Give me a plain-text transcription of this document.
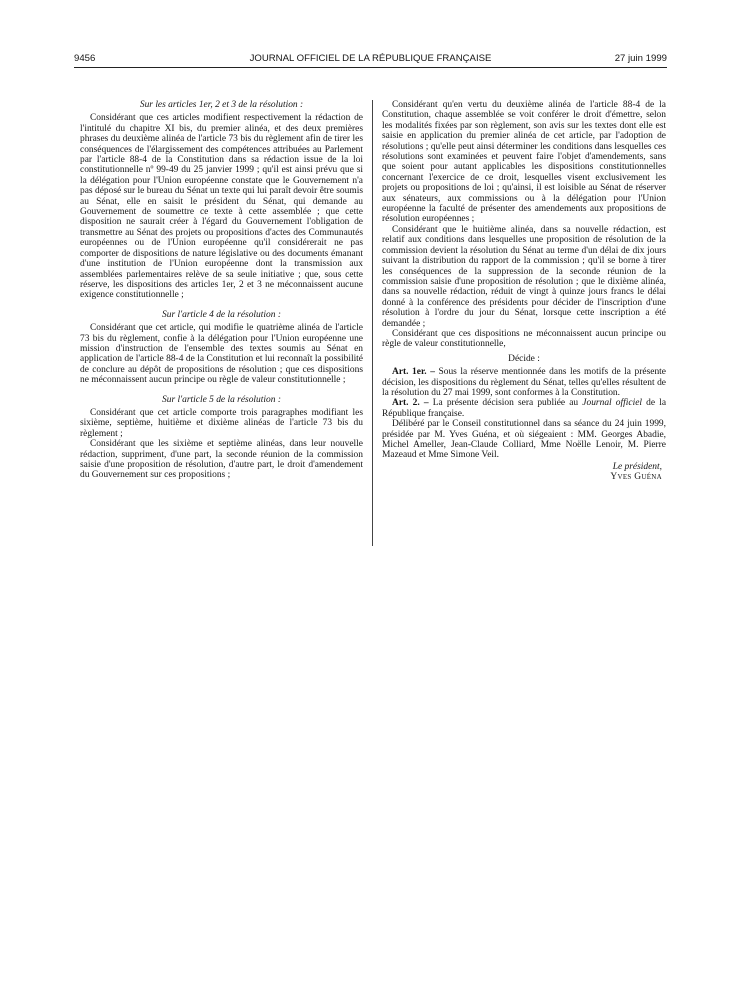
9456	JOURNAL OFFICIEL DE LA RÉPUBLIQUE FRANÇAISE	27 juin 1999

Sur les articles 1er, 2 et 3 de la résolution :

Considérant que ces articles modifient respectivement la rédaction de l'intitulé du chapitre XI bis, du premier alinéa, et des deux premières phrases du deuxième alinéa de l'article 73 bis du règlement afin de tirer les conséquences de l'élargissement des compétences attribuées au Parlement par l'article 88-4 de la Constitution dans sa rédaction issue de la loi constitutionnelle nº 99-49 du 25 janvier 1999 ; qu'il est ainsi prévu que si la délégation pour l'Union européenne constate que le Gouvernement n'a pas déposé sur le bureau du Sénat un texte qui lui paraît devoir être soumis au Sénat, elle en saisit le président du Sénat, qui demande au Gouvernement de soumettre ce texte à cette assemblée ; que cette disposition ne saurait créer à l'égard du Gouvernement l'obligation de transmettre au Sénat des projets ou propositions d'actes des Communautés européennes ou de l'Union européenne qu'il considérerait ne pas comporter de dispositions de nature législative ou des documents émanant d'une institution de l'Union européenne dont la transmission aux assemblées parlementaires relève de sa seule initiative ; que, sous cette réserve, les dispositions des articles 1er, 2 et 3 ne méconnaissent aucune exigence constitutionnelle ;

Sur l'article 4 de la résolution :

Considérant que cet article, qui modifie le quatrième alinéa de l'article 73 bis du règlement, confie à la délégation pour l'Union européenne une mission d'instruction de l'ensemble des textes soumis au Sénat en application de l'article 88-4 de la Constitution et lui reconnaît la possibilité de conclure au dépôt de propositions de résolution ; que ces dispositions ne méconnaissent aucun principe ou règle de valeur constitutionnelle ;

Sur l'article 5 de la résolution :

Considérant que cet article comporte trois paragraphes modifiant les sixième, septième, huitième et dixième alinéas de l'article 73 bis du règlement ;

Considérant que les sixième et septième alinéas, dans leur nouvelle rédaction, suppriment, d'une part, la seconde réunion de la commission saisie d'une proposition de résolution, d'autre part, le droit d'amendement du Gouvernement sur ces propositions ;

Considérant qu'en vertu du deuxième alinéa de l'article 88-4 de la Constitution, chaque assemblée se voit conférer le droit d'émettre, selon les modalités fixées par son règlement, son avis sur les textes dont elle est saisie en application du premier alinéa de cet article, par l'adoption de résolutions ; qu'elle peut ainsi déterminer les conditions dans lesquelles ces résolutions sont examinées et peuvent faire l'objet d'amendements, sans que soient pour autant applicables les dispositions constitutionnelles concernant l'exercice de ce droit, lesquelles visent exclusivement les projets ou propositions de loi ; qu'ainsi, il est loisible au Sénat de réserver aux sénateurs, aux commissions ou à la délégation pour l'Union européenne la faculté de présenter des amendements aux propositions de résolution européennes ;

Considérant que le huitième alinéa, dans sa nouvelle rédaction, est relatif aux conditions dans lesquelles une proposition de résolution de la commission devient la résolution du Sénat au terme d'un délai de dix jours suivant la distribution du rapport de la commission ; qu'il se borne à tirer les conséquences de la suppression de la seconde réunion de la commission saisie d'une proposition de résolution ; que le dixième alinéa, dans sa nouvelle rédaction, réduit de vingt à quinze jours francs le délai donné à la conférence des présidents pour décider de l'inscription d'une résolution à l'ordre du jour du Sénat, lorsque cette inscription a été demandée ;

Considérant que ces dispositions ne méconnaissent aucun principe ou règle de valeur constitutionnelle,

Décide :

Art. 1er. – Sous la réserve mentionnée dans les motifs de la présente décision, les dispositions du règlement du Sénat, telles qu'elles résultent de la résolution du 27 mai 1999, sont conformes à la Constitution.

Art. 2. – La présente décision sera publiée au Journal officiel de la République française.

Délibéré par le Conseil constitutionnel dans sa séance du 24 juin 1999, présidée par M. Yves Guéna, et où siégeaient : MM. Georges Abadie, Michel Ameller, Jean-Claude Colliard, Mme Noëlle Lenoir, M. Pierre Mazeaud et Mme Simone Veil.

Le président,

Yves Guéna
